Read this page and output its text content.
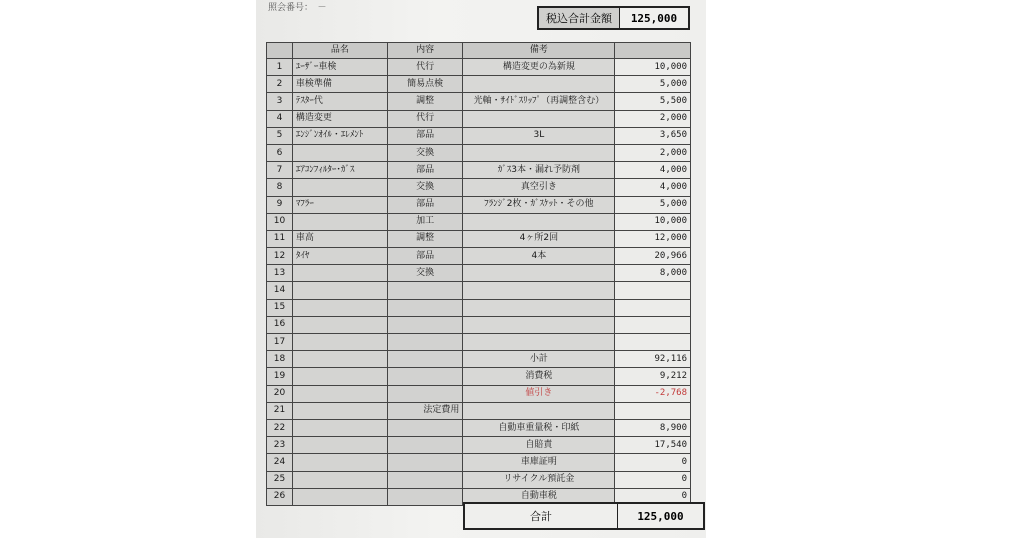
照会番号：　－
税込合計金額	125,000
	品名	内容	備考	
1	ﾕｰｻﾞｰ車検	代行	構造変更の為新規	10,000
2	車検準備	簡易点検		5,000
3	ﾃｽﾀｰ代	調整	光軸・ｻｲﾄﾞｽﾘｯﾌﾟ（再調整含む）	5,500
4	構造変更	代行		2,000
5	ｴﾝｼﾞﾝｵｲﾙ・ｴﾚﾒﾝﾄ	部品	3L	3,650
6		交換		2,000
7	ｴｱｺﾝﾌｨﾙﾀｰ･ｶﾞｽ	部品	ｶﾞｽ3本・漏れ予防剤	4,000
8		交換	真空引き	4,000
9	ﾏﾌﾗｰ	部品	ﾌﾗﾝｼﾞ2枚・ｶﾞｽｹｯﾄ・その他	5,000
10		加工		10,000
11	車高	調整	4ヶ所2回	12,000
12	ﾀｲﾔ	部品	4本	20,966
13		交換		8,000
14				
15				
16				
17				
18			小計	92,116
19			消費税	9,212
20			値引き	-2,768
21		法定費用		
22			自動車重量税・印紙	8,900
23			自賠責	17,540
24			車庫証明	0
25			リサイクル預託金	0
26			自動車税	0
合計	125,000
